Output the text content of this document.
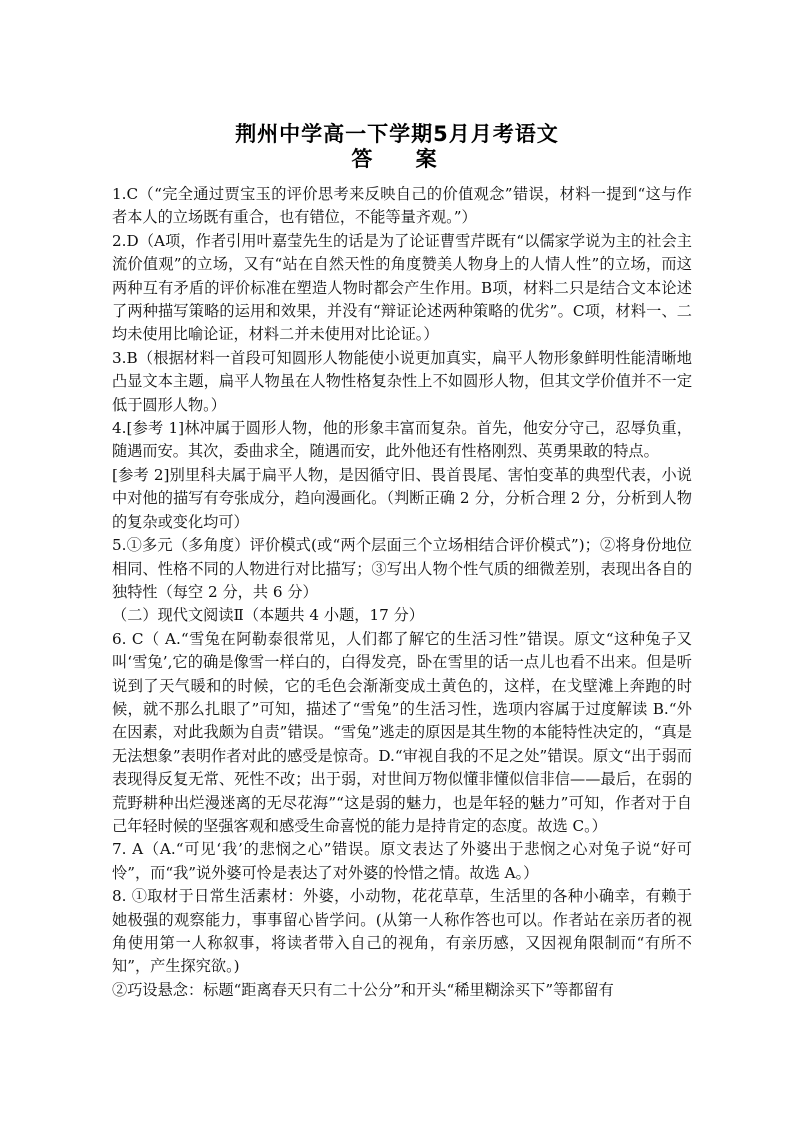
荆州中学高一下学期5月月考语文
答 案

1.C（“完全通过贾宝玉的评价思考来反映自己的价值观念”错误，材料一提到“这与作者本人的立场既有重合，也有错位，不能等量齐观。”）

2.D（A项，作者引用叶嘉莹先生的话是为了论证曹雪芹既有“以儒家学说为主的社会主流价值观”的立场，又有“站在自然天性的角度赞美人物身上的人情人性”的立场，而这两种互有矛盾的评价标准在塑造人物时都会产生作用。B项，材料二只是结合文本论述了两种描写策略的运用和效果，并没有“辩证论述两种策略的优劣”。C项，材料一、二均未使用比喻论证，材料二并未使用对比论证。）

3.B（根据材料一首段可知圆形人物能使小说更加真实，扁平人物形象鲜明性能清晰地凸显文本主题，扁平人物虽在人物性格复杂性上不如圆形人物，但其文学价值并不一定低于圆形人物。）

4.[参考 1]林冲属于圆形人物，他的形象丰富而复杂。首先，他安分守己，忍辱负重，随遇而安。其次，委曲求全，随遇而安，此外他还有性格刚烈、英勇果敢的特点。

[参考 2]别里科夫属于扁平人物，是因循守旧、畏首畏尾、害怕变革的典型代表，小说中对他的描写有夸张成分，趋向漫画化。（判断正确 2 分，分析合理 2 分，分析到人物的复杂或变化均可）

5.①多元（多角度）评价模式(或“两个层面三个立场相结合评价模式”)；②将身份地位相同、性格不同的人物进行对比描写；③写出人物个性气质的细微差别，表现出各自的独特性（每空 2 分，共 6 分）

（二）现代文阅读Ⅱ（本题共 4 小题，17 分）

6. C（ A.“雪兔在阿勒泰很常见，人们都了解它的生活习性”错误。原文“这种兔子又叫‘雪兔’,它的确是像雪一样白的，白得发亮，卧在雪里的话一点儿也看不出来。但是听说到了天气暖和的时候，它的毛色会渐渐变成土黄色的，这样，在戈壁滩上奔跑的时候，就不那么扎眼了”可知，描述了“雪兔”的生活习性，选项内容属于过度解读 B.“外在因素，对此我颇为自责”错误。“雪兔”逃走的原因是其生物的本能特性决定的，“真是无法想象”表明作者对此的感受是惊奇。D.“审视自我的不足之处”错误。原文“出于弱而表现得反复无常、死性不改；出于弱，对世间万物似懂非懂似信非信——最后，在弱的荒野耕种出烂漫迷离的无尽花海”“这是弱的魅力，也是年轻的魅力”可知，作者对于自己年轻时候的坚强客观和感受生命喜悦的能力是持肯定的态度。故选 C。）

7. A（A.“可见‘我’的悲悯之心”错误。原文表达了外婆出于悲悯之心对兔子说“好可怜”，而“我”说外婆可怜是表达了对外婆的怜惜之情。故选 A。）

8. ①取材于日常生活素材：外婆，小动物，花花草草，生活里的各种小确幸，有赖于她极强的观察能力，事事留心皆学问。(从第一人称作答也可以。作者站在亲历者的视角使用第一人称叙事，将读者带入自己的视角，有亲历感，又因视角限制而“有所不知”，产生探究欲。)

②巧设悬念：标题“距离春天只有二十公分”和开头“稀里糊涂买下”等都留有
